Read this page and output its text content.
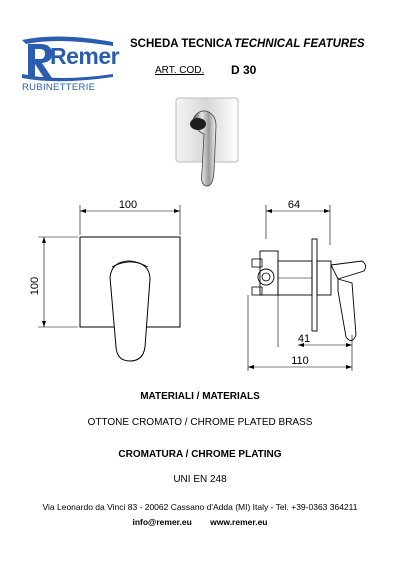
Remer
RUBINETTERIE
SCHEDA TECNICA TECHNICAL FEATURES
ART. COD. D 30
100
100
64
41
110
MATERIALI / MATERIALS
OTTONE CROMATO / CHROME PLATED BRASS
CROMATURA / CHROME PLATING
UNI EN 248
Via Leonardo da Vinci 83 - 20062 Cassano d'Adda (MI) Italy - Tel. +39-0363 364211
info@remer.eu www.remer.eu
